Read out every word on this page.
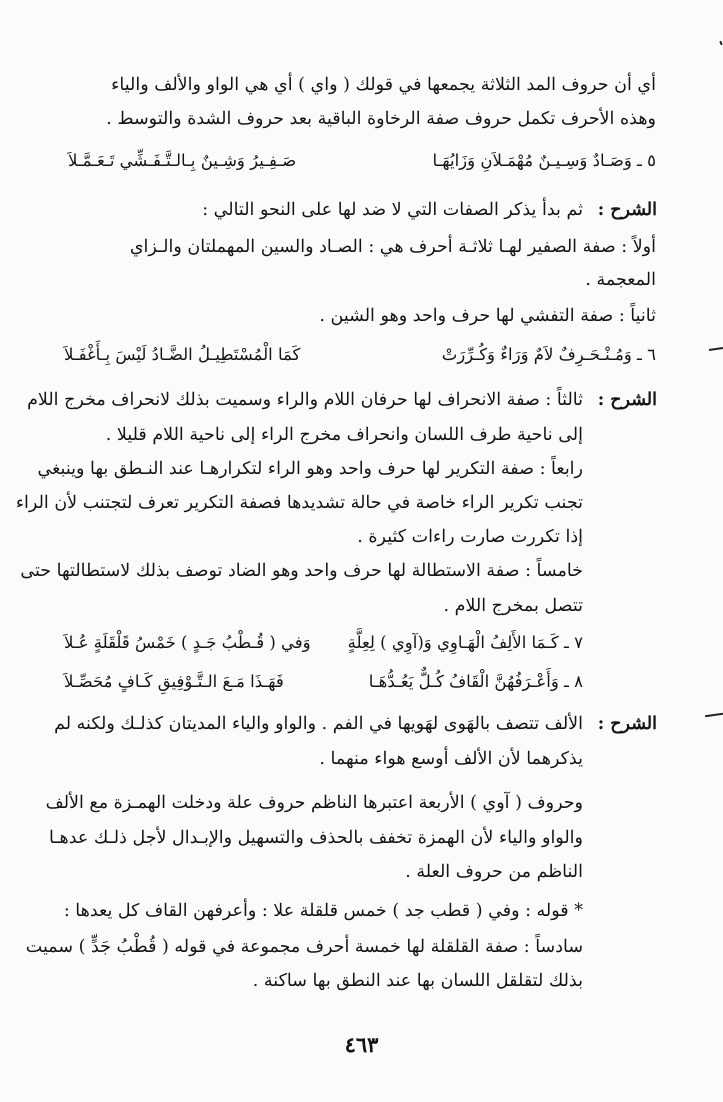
أي أن حروف المد الثلاثة يجمعها في قولك ( واي ) أي هي الواو والألف والياء
وهذه الأحرف تكمل حروف صفة الرخاوة الباقية بعد حروف الشدة والتوسط .
٥ ـ وَصَـادٌ وَسِـيـنٌ مُهْمَـلاَنِ وَزَايُهَـا
صَـفِـيرُ وَشِـينٌ بِـالـتَّـفَـشِّي تَـعَـمَّـلاَ
الشرح :
ثم بدأ يذكر الصفات التي لا ضد لها على النحو التالي :
أولاً : صفة الصفير لهـا ثلاثـة أحرف هي : الصـاد والسين المهملتان والـزاي
المعجمة .
ثانياً : صفة التفشي لها حرف واحد وهو الشين .
٦ ـ وَمُـنْـحَـرِفٌ لاَمٌ وَرَاءٌ وَكُـرِّرَتْ
كَمَا الْمُسْتَطِيـلُ الضَّـادُ لَيْسَ بِـأَغْفَـلاَ
الشرح :
ثالثاً : صفة الانحراف لها حرفان اللام والراء وسميت بذلك لانحراف مخرج اللام
إلى ناحية طرف اللسان وانحراف مخرج الراء إلى ناحية اللام قليلا .
رابعاً : صفة التكرير لها حرف واحد وهو الراء لتكرارهـا عند النـطق بها وينبغي
تجنب تكرير الراء خاصة في حالة تشديدها فصفة التكرير تعرف لتجتنب لأن الراء
إذا تكررت صارت راءات كثيرة .
خامساً : صفة الاستطالة لها حرف واحد وهو الضاد توصف بذلك لاستطالتها حتى
تتصل بمخرج اللام .
٧ ـ كَـمَا الأَلِفُ الْهَـاوِي وَ(آوِي ) لِعِلَّةٍ
وَفي ( قُـطْبُ جَـدٍ ) خَمْسُ قَلْقَلَةٍ عُـلاَ
٨ ـ وَأَعْـرَفُهُنَّ الْقَافُ كُـلٌّ يَعُـدُّهَـا
فَهَـذَا مَـعَ الـتَّـوْفِيقِ كَـافٍ مُحَصِّـلاَ
الشرح :
الألف تتصف بالهَوى لهَويها في الفم . والواو والياء المديتان كذلـك ولكنه لم
يذكرهما لأن الألف أوسع هواء منهما .
وحروف ( آوي ) الأربعة اعتبرها الناظم حروف علة ودخلت الهمـزة مع الألف
والواو والياء لأن الهمزة تخفف بالحذف والتسهيل والإبـدال لأجل ذلـك عدهـا
الناظم من حروف العلة .
* قوله : وفي ( قطب جد ) خمس قلقلة علا : وأعرفهن القاف كل يعدها :
سادساً : صفة القلقلة لها خمسة أحرف مجموعة في قوله ( قُطْبُ جَدٍّ ) سميت
بذلك لتقلقل اللسان بها عند النطق بها ساكنة .
٤٦٣
